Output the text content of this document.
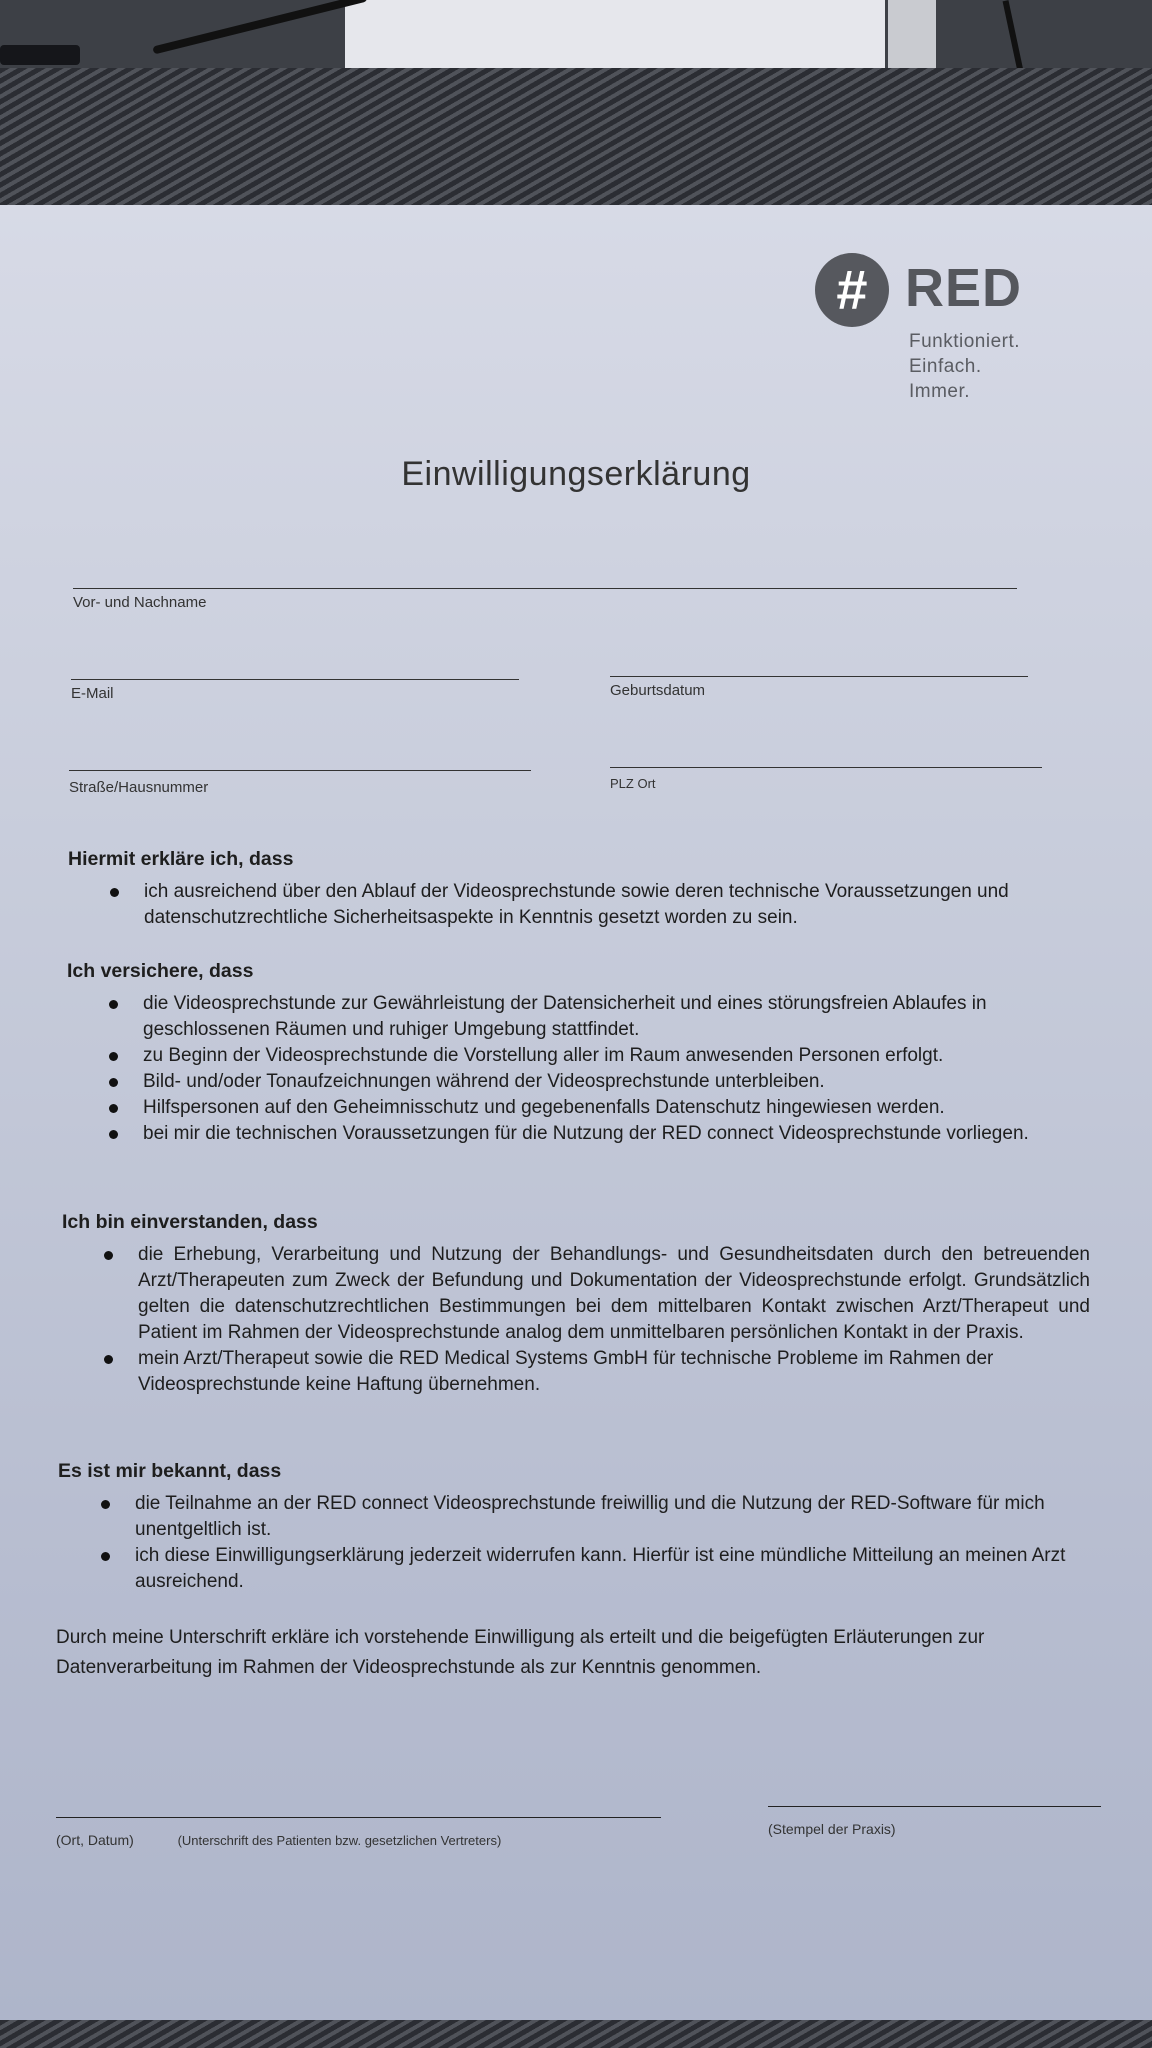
# RED
Funktioniert.
Einfach.
Immer.
Einwilligungserklärung
Vor- und Nachname
E-Mail	Geburtsdatum
Straße/Hausnummer	PLZ Ort
Hiermit erkläre ich, dass
ich ausreichend über den Ablauf der Videosprechstunde sowie deren technische Voraussetzungen und datenschutzrechtliche Sicherheitsaspekte in Kenntnis gesetzt worden zu sein.
Ich versichere, dass
die Videosprechstunde zur Gewährleistung der Datensicherheit und eines störungsfreien Ablaufes in geschlossenen Räumen und ruhiger Umgebung stattfindet.
zu Beginn der Videosprechstunde die Vorstellung aller im Raum anwesenden Personen erfolgt.
Bild- und/oder Tonaufzeichnungen während der Videosprechstunde unterbleiben.
Hilfspersonen auf den Geheimnisschutz und gegebenenfalls Datenschutz hingewiesen werden.
bei mir die technischen Voraussetzungen für die Nutzung der RED connect Videosprechstunde vorliegen.
Ich bin einverstanden, dass
die Erhebung, Verarbeitung und Nutzung der Behandlungs- und Gesundheitsdaten durch den betreuenden Arzt/Therapeuten zum Zweck der Befundung und Dokumentation der Videosprechstunde erfolgt. Grundsätzlich gelten die datenschutzrechtlichen Bestimmungen bei dem mittelbaren Kontakt zwischen Arzt/Therapeut und Patient im Rahmen der Videosprechstunde analog dem unmittelbaren persönlichen Kontakt in der Praxis.
mein Arzt/Therapeut sowie die RED Medical Systems GmbH für technische Probleme im Rahmen der Videosprechstunde keine Haftung übernehmen.
Es ist mir bekannt, dass
die Teilnahme an der RED connect Videosprechstunde freiwillig und die Nutzung der RED-Software für mich unentgeltlich ist.
ich diese Einwilligungserklärung jederzeit widerrufen kann. Hierfür ist eine mündliche Mitteilung an meinen Arzt ausreichend.
Durch meine Unterschrift erkläre ich vorstehende Einwilligung als erteilt und die beigefügten Erläuterungen zur Datenverarbeitung im Rahmen der Videosprechstunde als zur Kenntnis genommen.
(Ort, Datum)	(Unterschrift des Patienten bzw. gesetzlichen Vertreters)
(Stempel der Praxis)
